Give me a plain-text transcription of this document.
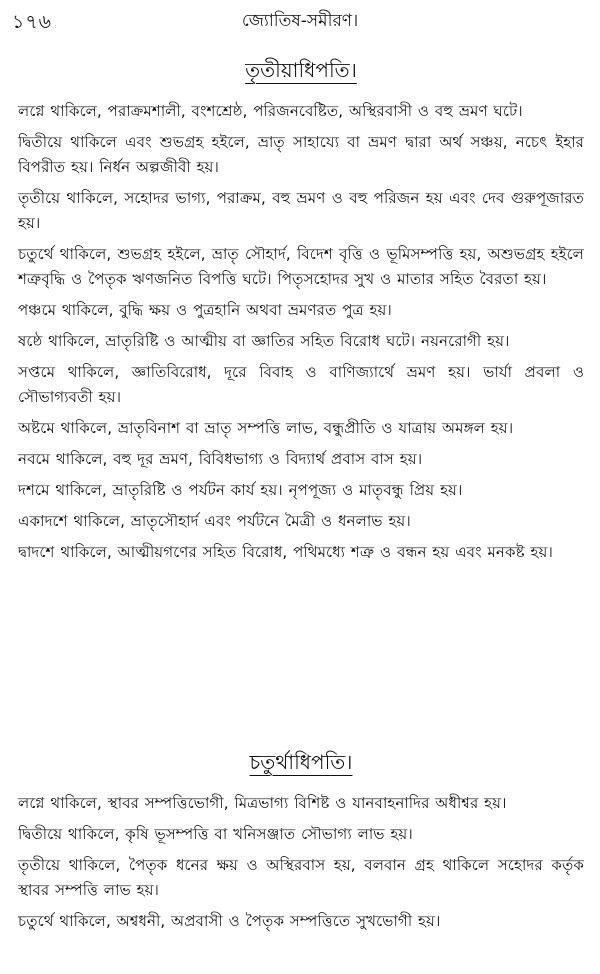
১৭৬	জ্যোতিষ-সমীরণ।
তৃতীয়াধিপতি।

লগ্নে থাকিলে, পরাক্রমশালী, বংশশ্রেষ্ঠ, পরিজনবেষ্টিত, অস্থিরবাসী ও বহু ভ্রমণ ঘটে।

দ্বিতীয়ে থাকিলে এবং শুভগ্রহ হইলে, ভ্রাতৃ সাহায্যে বা ভ্রমণ দ্বারা অর্থ সঞ্চয়, নচেৎ ইহার বিপরীত হয়। নির্ধন অল্পজীবী হয়।

তৃতীয়ে থাকিলে, সহোদর ভাগ্য, পরাক্রম, বহু ভ্রমণ ও বহু পরিজন হয় এবং দেব গুরুপূজারত হয়।

চতুর্থে থাকিলে, শুভগ্রহ হইলে, ভ্রাতৃ সৌহার্দ, বিদেশ বৃত্তি ও ভূমিসম্পত্তি হয়, অশুভগ্রহ হইলে শত্রুবৃদ্ধি ও পৈতৃক ঋণজনিত বিপত্তি ঘটে। পিতৃসহোদর সুখ ও মাতার সহিত বৈরতা হয়।

পঞ্চমে থাকিলে, বুদ্ধি ক্ষয় ও পুত্রহানি অথবা ভ্রমণরত পুত্র হয়।

ষষ্ঠে থাকিলে, ভ্রাতৃরিষ্টি ও আত্মীয় বা জ্ঞাতির সহিত বিরোধ ঘটে। নয়নরোগী হয়।

সপ্তমে থাকিলে, জ্ঞাতিবিরোধ, দূরে বিবাহ ও বাণিজ্যার্থে ভ্রমণ হয়। ভার্যা প্রবলা ও সৌভাগ্যবতী হয়।

অষ্টমে থাকিলে, ভ্রাতৃবিনাশ বা ভ্রাতৃ সম্পত্তি লাভ, বন্ধুপ্রীতি ও যাত্রায় অমঙ্গল হয়।

নবমে থাকিলে, বহু দূর ভ্রমণ, বিবিধভাগ্য ও বিদ্যার্থ প্রবাস বাস হয়।

দশমে থাকিলে, ভ্রাতৃরিষ্টি ও পর্যটন কার্য হয়। নৃপপূজ্য ও মাতৃবন্ধু প্রিয় হয়।

একাদশে থাকিলে, ভ্রাতৃসৌহার্দ এবং পর্যটনে মৈত্রী ও ধনলাভ হয়।

দ্বাদশে থাকিলে, আত্মীয়গণের সহিত বিরোধ, পথিমধ্যে শত্রু ও বন্ধন হয় এবং মনকষ্ট হয়।

চতুর্থাধিপতি।

লগ্নে থাকিলে, স্থাবর সম্পত্তিভোগী, মিত্রভাগ্য বিশিষ্ট ও যানবাহনাদির অধীশ্বর হয়।

দ্বিতীয়ে থাকিলে, কৃষি ভূসম্পত্তি বা খনিসঞ্জাত সৌভাগ্য লাভ হয়।

তৃতীয়ে থাকিলে, পৈতৃক ধনের ক্ষয় ও অস্থিরবাস হয়, বলবান গ্রহ থাকিলে সহোদর কর্তৃক স্থাবর সম্পত্তি লাভ হয়।

চতুর্থে থাকিলে, অশ্বধনী, অপ্রবাসী ও পৈতৃক সম্পত্তিতে সুখভোগী হয়।
